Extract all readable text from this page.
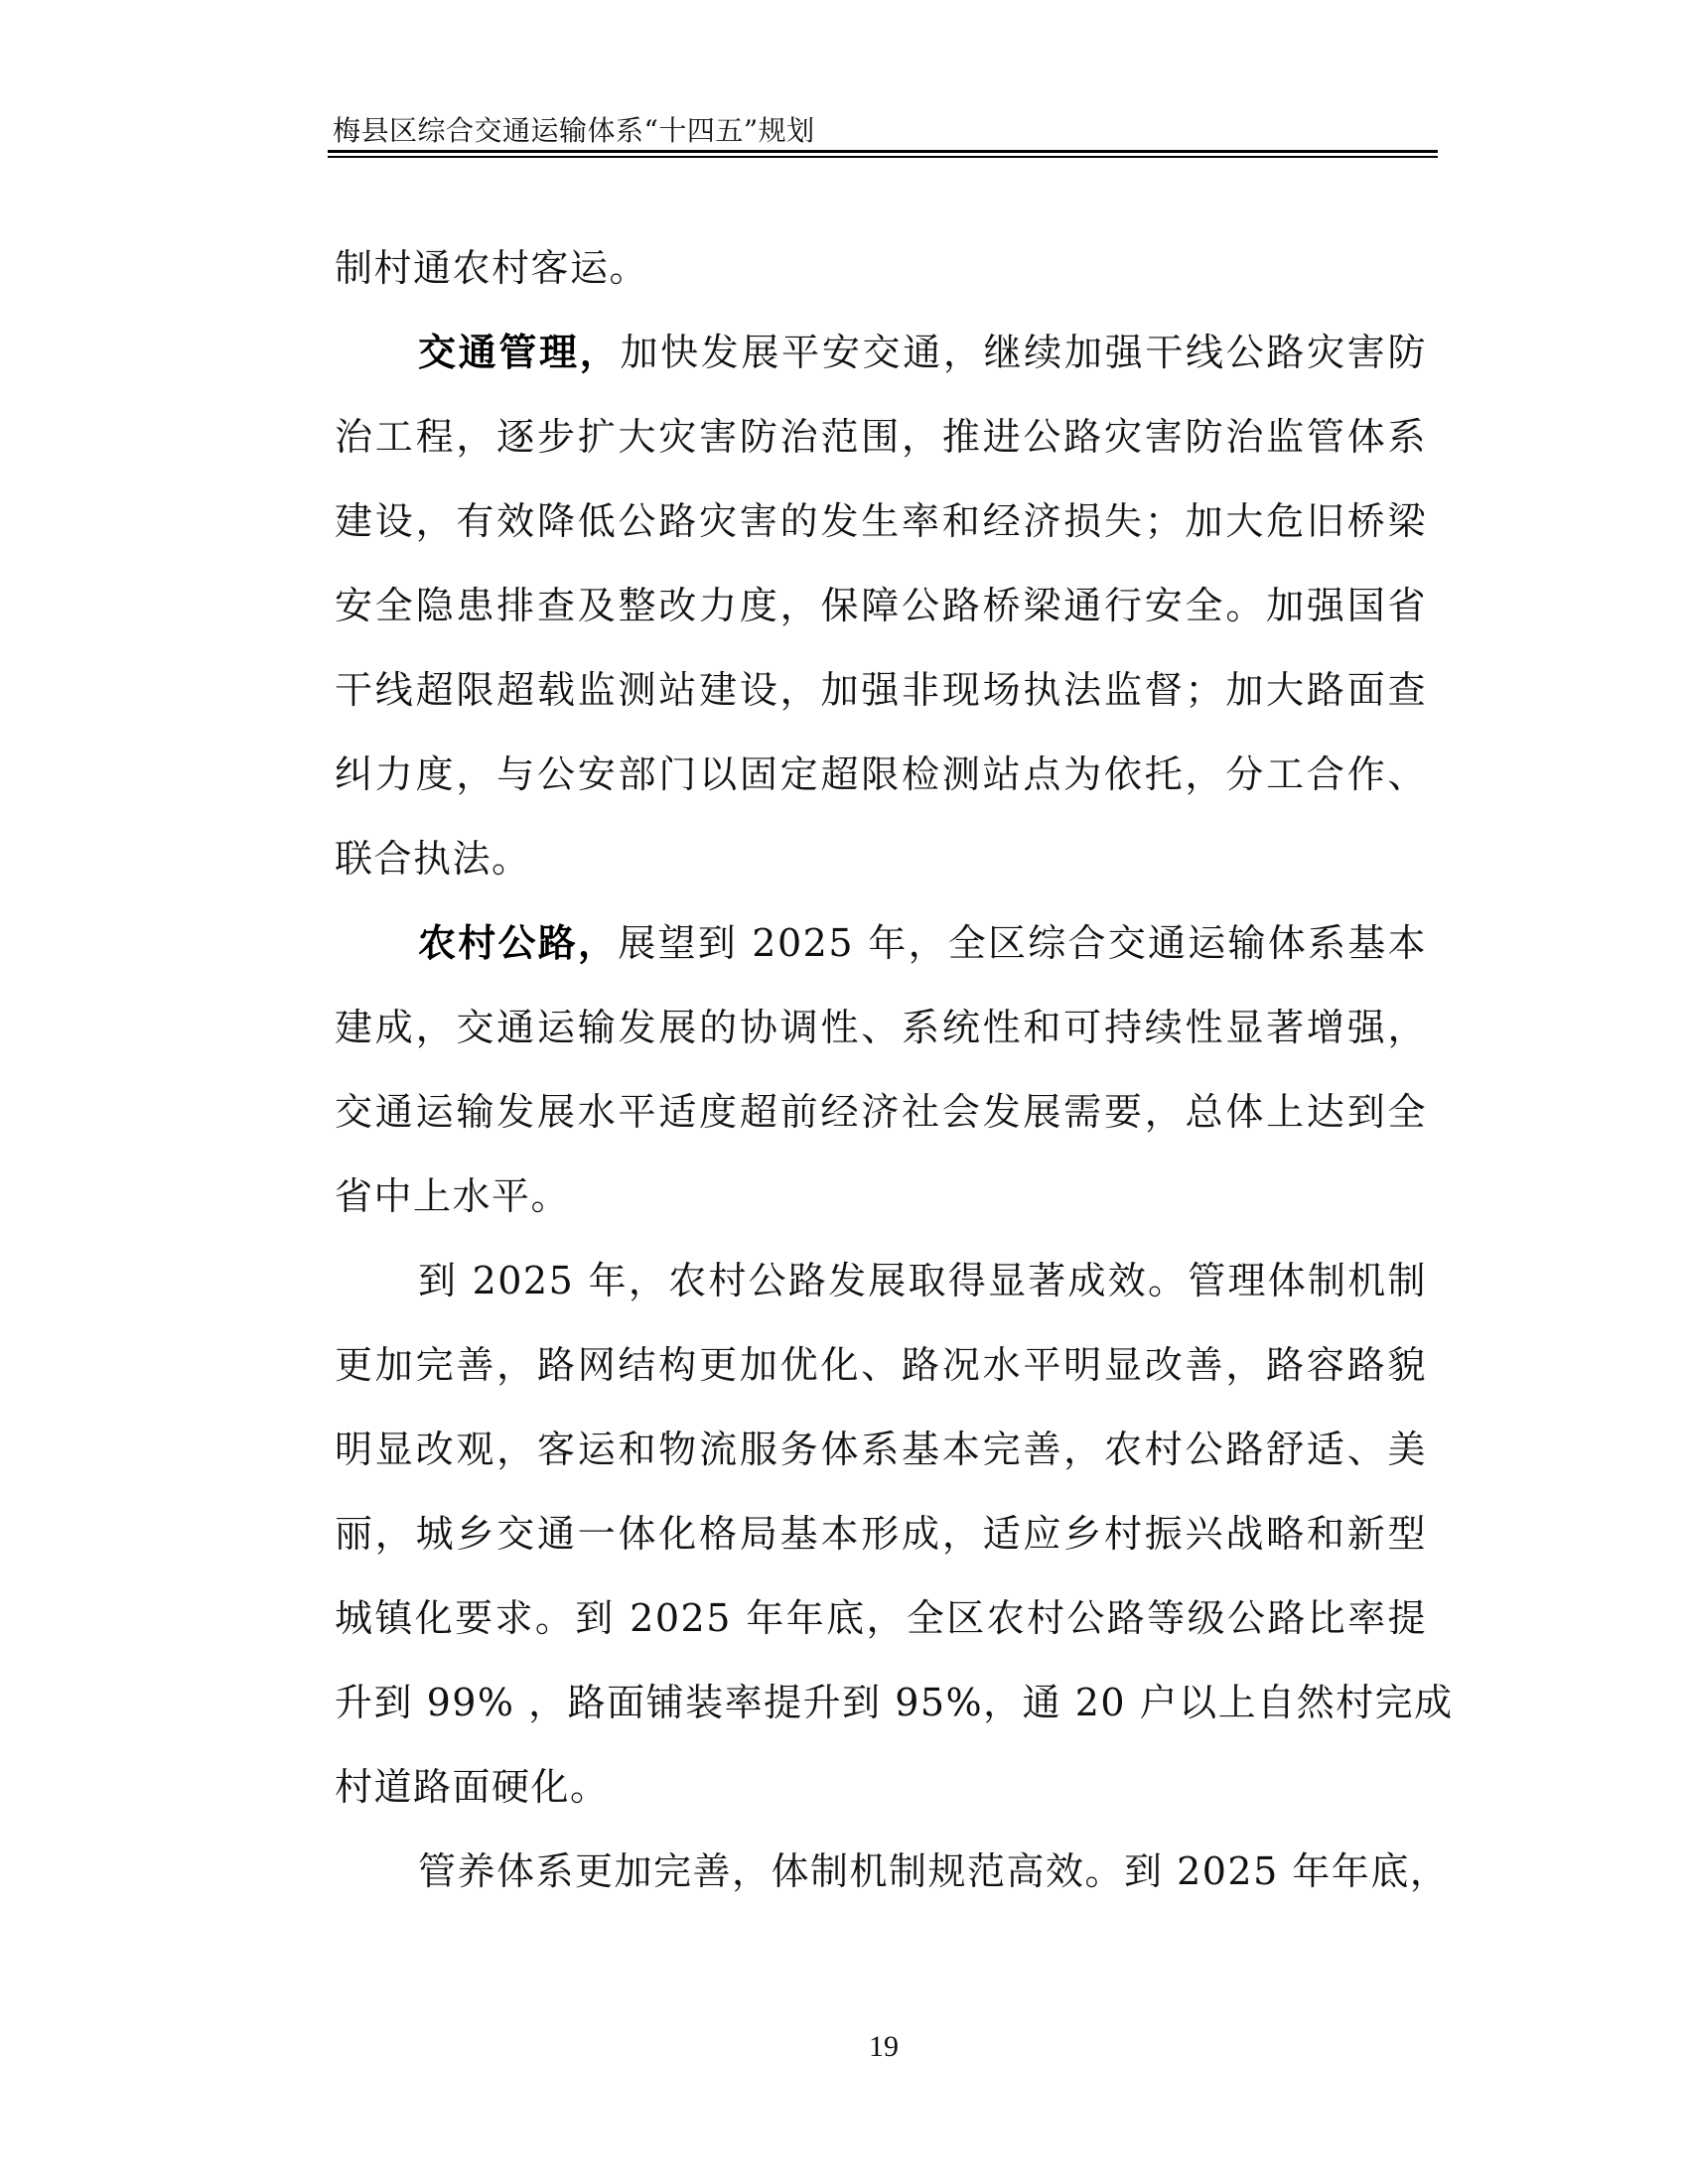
梅县区综合交通运输体系“十四五”规划
制村通农村客运。
交通管理，加快发展平安交通，继续加强干线公路灾害防
治工程，逐步扩大灾害防治范围，推进公路灾害防治监管体系
建设，有效降低公路灾害的发生率和经济损失；加大危旧桥梁
安全隐患排查及整改力度，保障公路桥梁通行安全。加强国省
干线超限超载监测站建设，加强非现场执法监督；加大路面查
纠力度，与公安部门以固定超限检测站点为依托，分工合作、
联合执法。
农村公路，展望到 2025 年，全区综合交通运输体系基本
建成，交通运输发展的协调性、系统性和可持续性显著增强，
交通运输发展水平适度超前经济社会发展需要，总体上达到全
省中上水平。
到 2025 年，农村公路发展取得显著成效。管理体制机制
更加完善，路网结构更加优化、路况水平明显改善，路容路貌
明显改观，客运和物流服务体系基本完善，农村公路舒适、美
丽，城乡交通一体化格局基本形成，适应乡村振兴战略和新型
城镇化要求。到 2025 年年底，全区农村公路等级公路比率提
升到 99% ，路面铺装率提升到 95%，通 20 户以上自然村完成
村道路面硬化。
管养体系更加完善，体制机制规范高效。到 2025 年年底，
19
